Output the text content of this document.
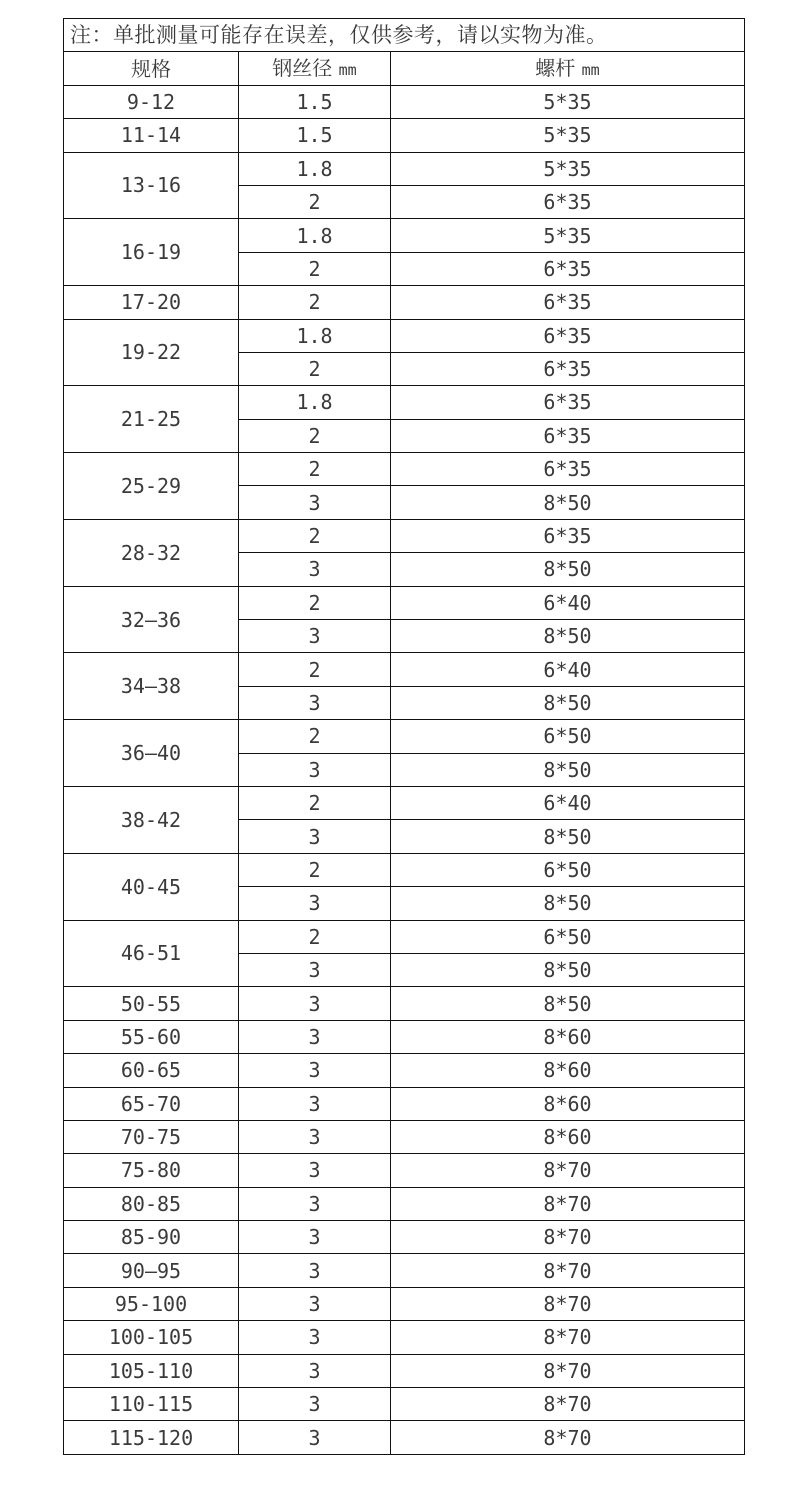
注：单批测量可能存在误差，仅供参考，请以实物为准。		
规格	钢丝径 mm	螺杆 mm
9-12	1.5	5*35
11-14	1.5	5*35
13-16	1.8	5*35
	2	6*35
16-19	1.8	5*35
	2	6*35
17-20	2	6*35
19-22	1.8	6*35
	2	6*35
21-25	1.8	6*35
	2	6*35
25-29	2	6*35
	3	8*50
28-32	2	6*35
	3	8*50
32—36	2	6*40
	3	8*50
34—38	2	6*40
	3	8*50
36—40	2	6*50
	3	8*50
38-42	2	6*40
	3	8*50
40-45	2	6*50
	3	8*50
46-51	2	6*50
	3	8*50
50-55	3	8*50
55-60	3	8*60
60-65	3	8*60
65-70	3	8*60
70-75	3	8*60
75-80	3	8*70
80-85	3	8*70
85-90	3	8*70
90—95	3	8*70
95-100	3	8*70
100-105	3	8*70
105-110	3	8*70
110-115	3	8*70
115-120	3	8*70
